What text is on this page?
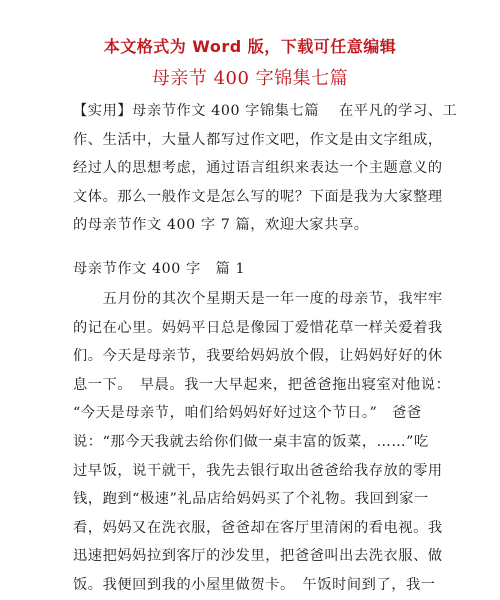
本文格式为 Word 版，下载可任意编辑
母亲节 400 字锦集七篇
【实用】母亲节作文 400 字锦集七篇　 在平凡的学习、工
作、生活中，大量人都写过作文吧，作文是由文字组成，
经过人的思想考虑，通过语言组织来表达一个主题意义的
文体。那么一般作文是怎么写的呢？下面是我为大家整理
的母亲节作文 400 字 7 篇，欢迎大家共享。
母亲节作文 400 字　篇 1
　　五月份的其次个星期天是一年一度的母亲节，我牢牢
的记在心里。妈妈平日总是像园丁爱惜花草一样关爱着我
们。今天是母亲节，我要给妈妈放个假，让妈妈好好的休
息一下。　早晨。我一大早起来，把爸爸拖出寝室对他说：
“今天是母亲节，咱们给妈妈好好过这个节日。”　爸爸
说：“那今天我就去给你们做一桌丰富的饭菜，……”吃
过早饭，说干就干，我先去银行取出爸爸给我存放的零用
钱，跑到“极速”礼品店给妈妈买了个礼物。我回到家一
看，妈妈又在洗衣服，爸爸却在客厅里清闲的看电视。我
迅速把妈妈拉到客厅的沙发里，把爸爸叫出去洗衣服、做
饭。我便回到我的小屋里做贺卡。　午饭时间到了，我一
